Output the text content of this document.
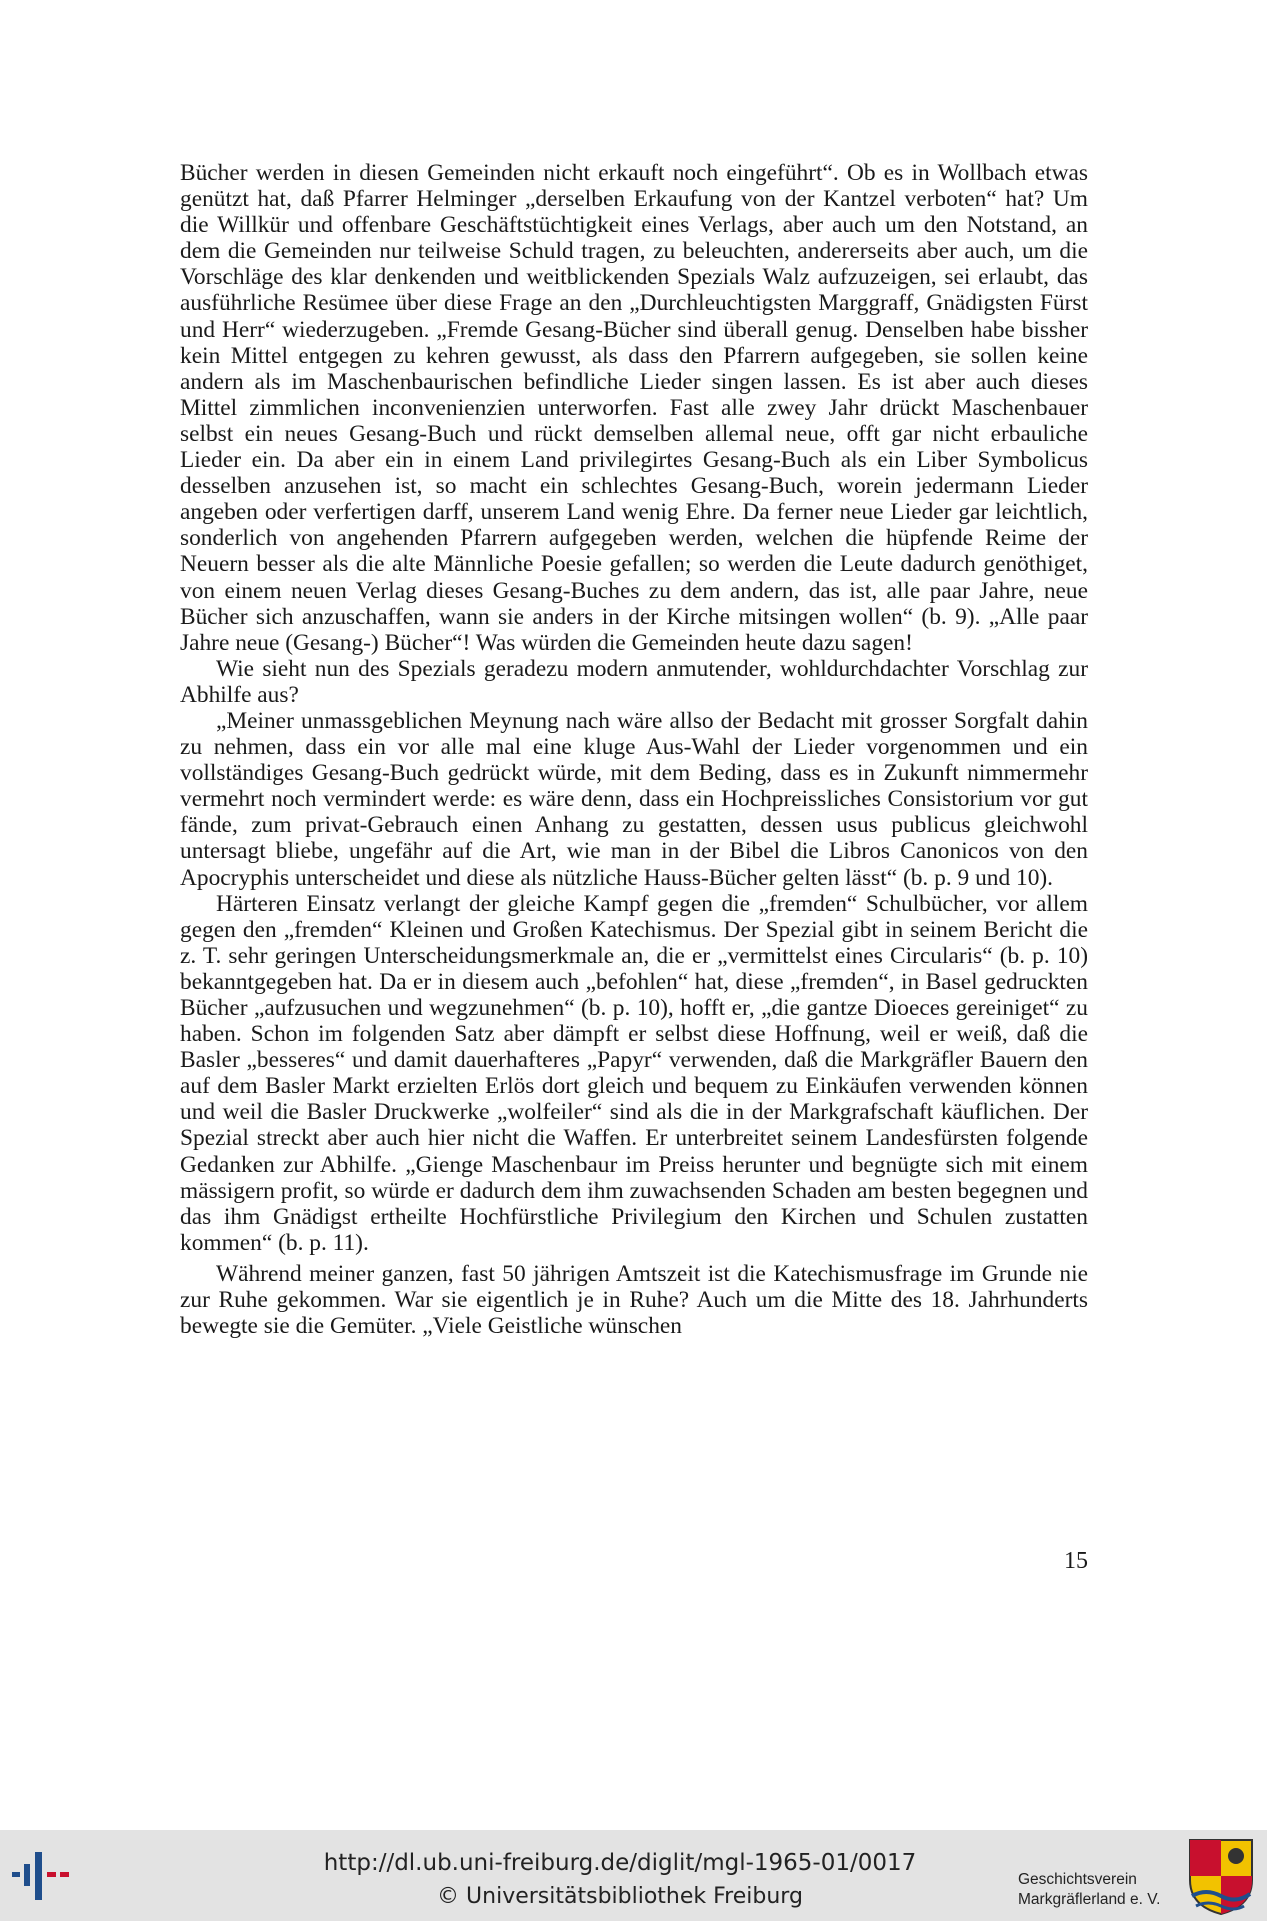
Bücher werden in diesen Gemeinden nicht erkauft noch eingeführt“. Ob es in Wollbach etwas genützt hat, daß Pfarrer Helminger „derselben Erkaufung von der Kantzel verboten“ hat? Um die Willkür und offenbare Geschäftstüchtigkeit eines Verlags, aber auch um den Notstand, an dem die Gemeinden nur teilweise Schuld tragen, zu beleuchten, andererseits aber auch, um die Vorschläge des klar denkenden und weitblickenden Spezials Walz aufzuzeigen, sei erlaubt, das ausführliche Resümee über diese Frage an den „Durchleuchtigsten Marggraff, Gnädigsten Fürst und Herr“ wiederzugeben. „Fremde Gesang-Bücher sind überall genug. Denselben habe bissher kein Mittel entgegen zu kehren gewusst, als dass den Pfarrern aufgegeben, sie sollen keine andern als im Maschenbaurischen befindliche Lieder singen lassen. Es ist aber auch dieses Mittel zimmlichen inconvenienzien unterworfen. Fast alle zwey Jahr drückt Maschenbauer selbst ein neues Gesang-Buch und rückt demselben allemal neue, offt gar nicht erbauliche Lieder ein. Da aber ein in einem Land privilegirtes Gesang-Buch als ein Liber Symbolicus desselben anzusehen ist, so macht ein schlechtes Gesang-Buch, worein jedermann Lieder angeben oder verfertigen darff, unserem Land wenig Ehre. Da ferner neue Lieder gar leichtlich, sonderlich von angehenden Pfarrern aufgegeben werden, welchen die hüpfende Reime der Neuern besser als die alte Männliche Poesie gefallen; so werden die Leute dadurch genöthiget, von einem neuen Verlag dieses Gesang-Buches zu dem andern, das ist, alle paar Jahre, neue Bücher sich anzuschaffen, wann sie anders in der Kirche mitsingen wollen“ (b. 9). „Alle paar Jahre neue (Gesang-) Bücher“! Was würden die Gemeinden heute dazu sagen!

Wie sieht nun des Spezials geradezu modern anmutender, wohldurchdachter Vorschlag zur Abhilfe aus?

„Meiner unmassgeblichen Meynung nach wäre allso der Bedacht mit grosser Sorgfalt dahin zu nehmen, dass ein vor alle mal eine kluge Aus-Wahl der Lieder vorgenommen und ein vollständiges Gesang-Buch gedrückt würde, mit dem Beding, dass es in Zukunft nimmermehr vermehrt noch vermindert werde: es wäre denn, dass ein Hochpreissliches Consistorium vor gut fände, zum privat-Gebrauch einen Anhang zu gestatten, dessen usus publicus gleichwohl untersagt bliebe, ungefähr auf die Art, wie man in der Bibel die Libros Canonicos von den Apocryphis unterscheidet und diese als nützliche Hauss-Bücher gelten lässt“ (b. p. 9 und 10).

Härteren Einsatz verlangt der gleiche Kampf gegen die „fremden“ Schulbücher, vor allem gegen den „fremden“ Kleinen und Großen Katechismus. Der Spezial gibt in seinem Bericht die z. T. sehr geringen Unterscheidungsmerkmale an, die er „vermittelst eines Circularis“ (b. p. 10) bekanntgegeben hat. Da er in diesem auch „befohlen“ hat, diese „fremden“, in Basel gedruckten Bücher „aufzusuchen und wegzunehmen“ (b. p. 10), hofft er, „die gantze Dioeces gereiniget“ zu haben. Schon im folgenden Satz aber dämpft er selbst diese Hoffnung, weil er weiß, daß die Basler „besseres“ und damit dauerhafteres „Papyr“ verwenden, daß die Markgräfler Bauern den auf dem Basler Markt erzielten Erlös dort gleich und bequem zu Einkäufen verwenden können und weil die Basler Druckwerke „wolfeiler“ sind als die in der Markgrafschaft käuflichen. Der Spezial streckt aber auch hier nicht die Waffen. Er unterbreitet seinem Landesfürsten folgende Gedanken zur Abhilfe. „Gienge Maschenbaur im Preiss herunter und begnügte sich mit einem mässigern profit, so würde er dadurch dem ihm zuwachsenden Schaden am besten begegnen und das ihm Gnädigst ertheilte Hochfürstliche Privilegium den Kirchen und Schulen zustatten kommen“ (b. p. 11).

Während meiner ganzen, fast 50 jährigen Amtszeit ist die Katechismusfrage im Grunde nie zur Ruhe gekommen. War sie eigentlich je in Ruhe? Auch um die Mitte des 18. Jahrhunderts bewegte sie die Gemüter. „Viele Geistliche wünschen

15
http://dl.ub.uni-freiburg.de/diglit/mgl-1965-01/0017
© Universitätsbibliothek Freiburg
Geschichtsverein
Markgräflerland e. V.
